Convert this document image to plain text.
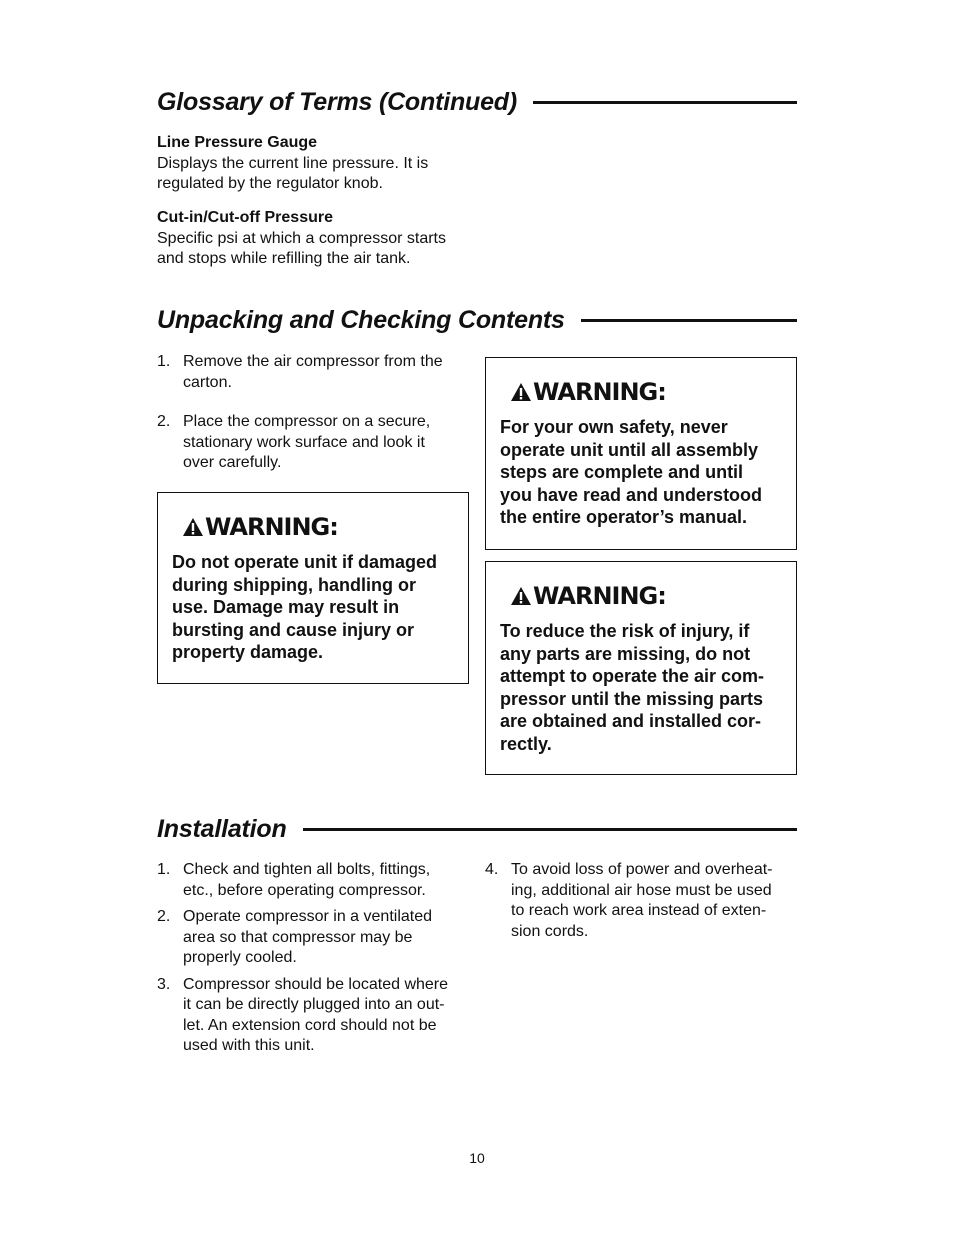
Glossary of Terms (Continued)
Line Pressure Gauge
Displays the current line pressure. It is
regulated by the regulator knob.
Cut-in/Cut-off Pressure
Specific psi at which a compressor starts
and stops while refilling the air tank.
Unpacking and Checking Contents
1. Remove the air compressor from the
carton.
2. Place the compressor on a secure,
stationary work surface and look it
over carefully.
WARNING:
Do not operate unit if damaged
during shipping, handling or
use. Damage may result in
bursting and cause injury or
property damage.
WARNING:
For your own safety, never
operate unit until all assembly
steps are complete and until
you have read and understood
the entire operator’s manual.
WARNING:
To reduce the risk of injury, if
any parts are missing, do not
attempt to operate the air com-
pressor until the missing parts
are obtained and installed cor-
rectly.
Installation
1. Check and tighten all bolts, fittings,
etc., before operating compressor.
2. Operate compressor in a ventilated
area so that compressor may be
properly cooled.
3. Compressor should be located where
it can be directly plugged into an out-
let. An extension cord should not be
used with this unit.
4. To avoid loss of power and overheat-
ing, additional air hose must be used
to reach work area instead of exten-
sion cords.
10
